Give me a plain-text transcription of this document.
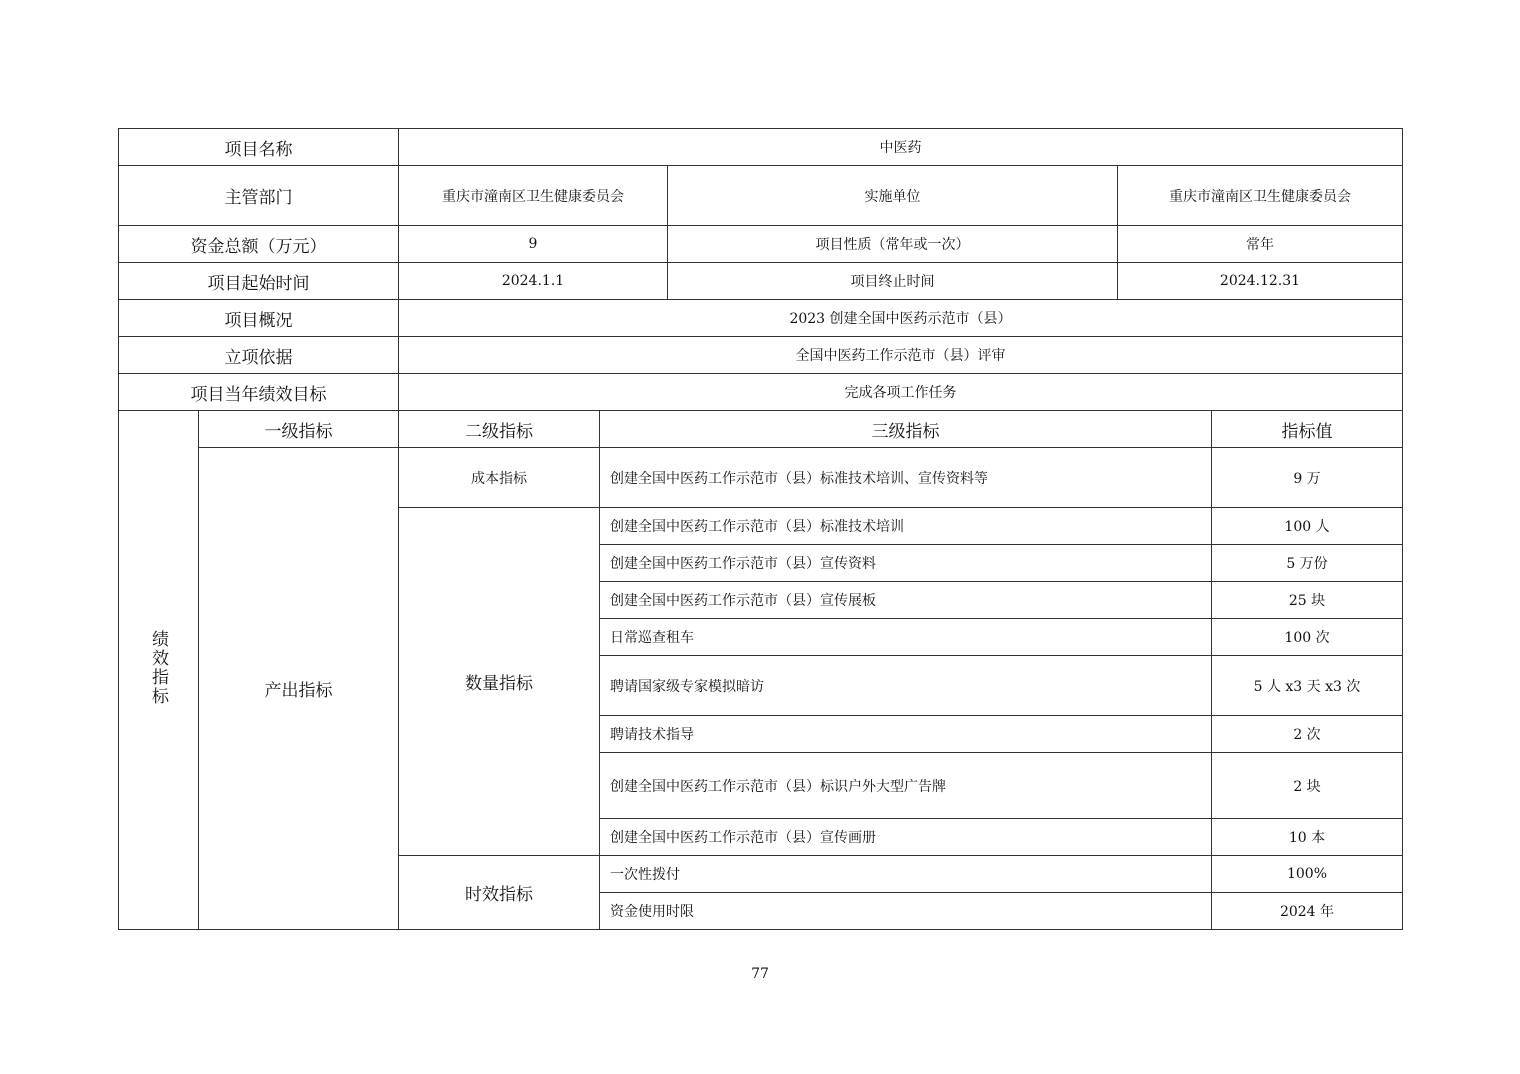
项目名称		中医药				
主管部门		重庆市潼南区卫生健康委员会		实施单位	重庆市潼南区卫生健康委员会	
资金总额（万元）		9		项目性质（常年或一次）	常年	
项目起始时间		2024.1.1		项目终止时间	2024.12.31	
项目概况		2023 创建全国中医药示范市（县）				
立项依据		全国中医药工作示范市（县）评审				
项目当年绩效目标		完成各项工作任务				
绩效指标	一级指标	二级指标	三级指标			指标值
	产出指标	成本指标	创建全国中医药工作示范市（县）标准技术培训、宣传资料等			9 万
		数量指标	创建全国中医药工作示范市（县）标准技术培训			100 人
			创建全国中医药工作示范市（县）宣传资料			5 万份
			创建全国中医药工作示范市（县）宣传展板			25 块
			日常巡查租车			100 次
			聘请国家级专家模拟暗访			5 人 x3 天 x3 次
			聘请技术指导			2 次
			创建全国中医药工作示范市（县）标识户外大型广告牌			2 块
			创建全国中医药工作示范市（县）宣传画册			10 本
		时效指标	一次性拨付			100%
			资金使用时限			2024 年
77
